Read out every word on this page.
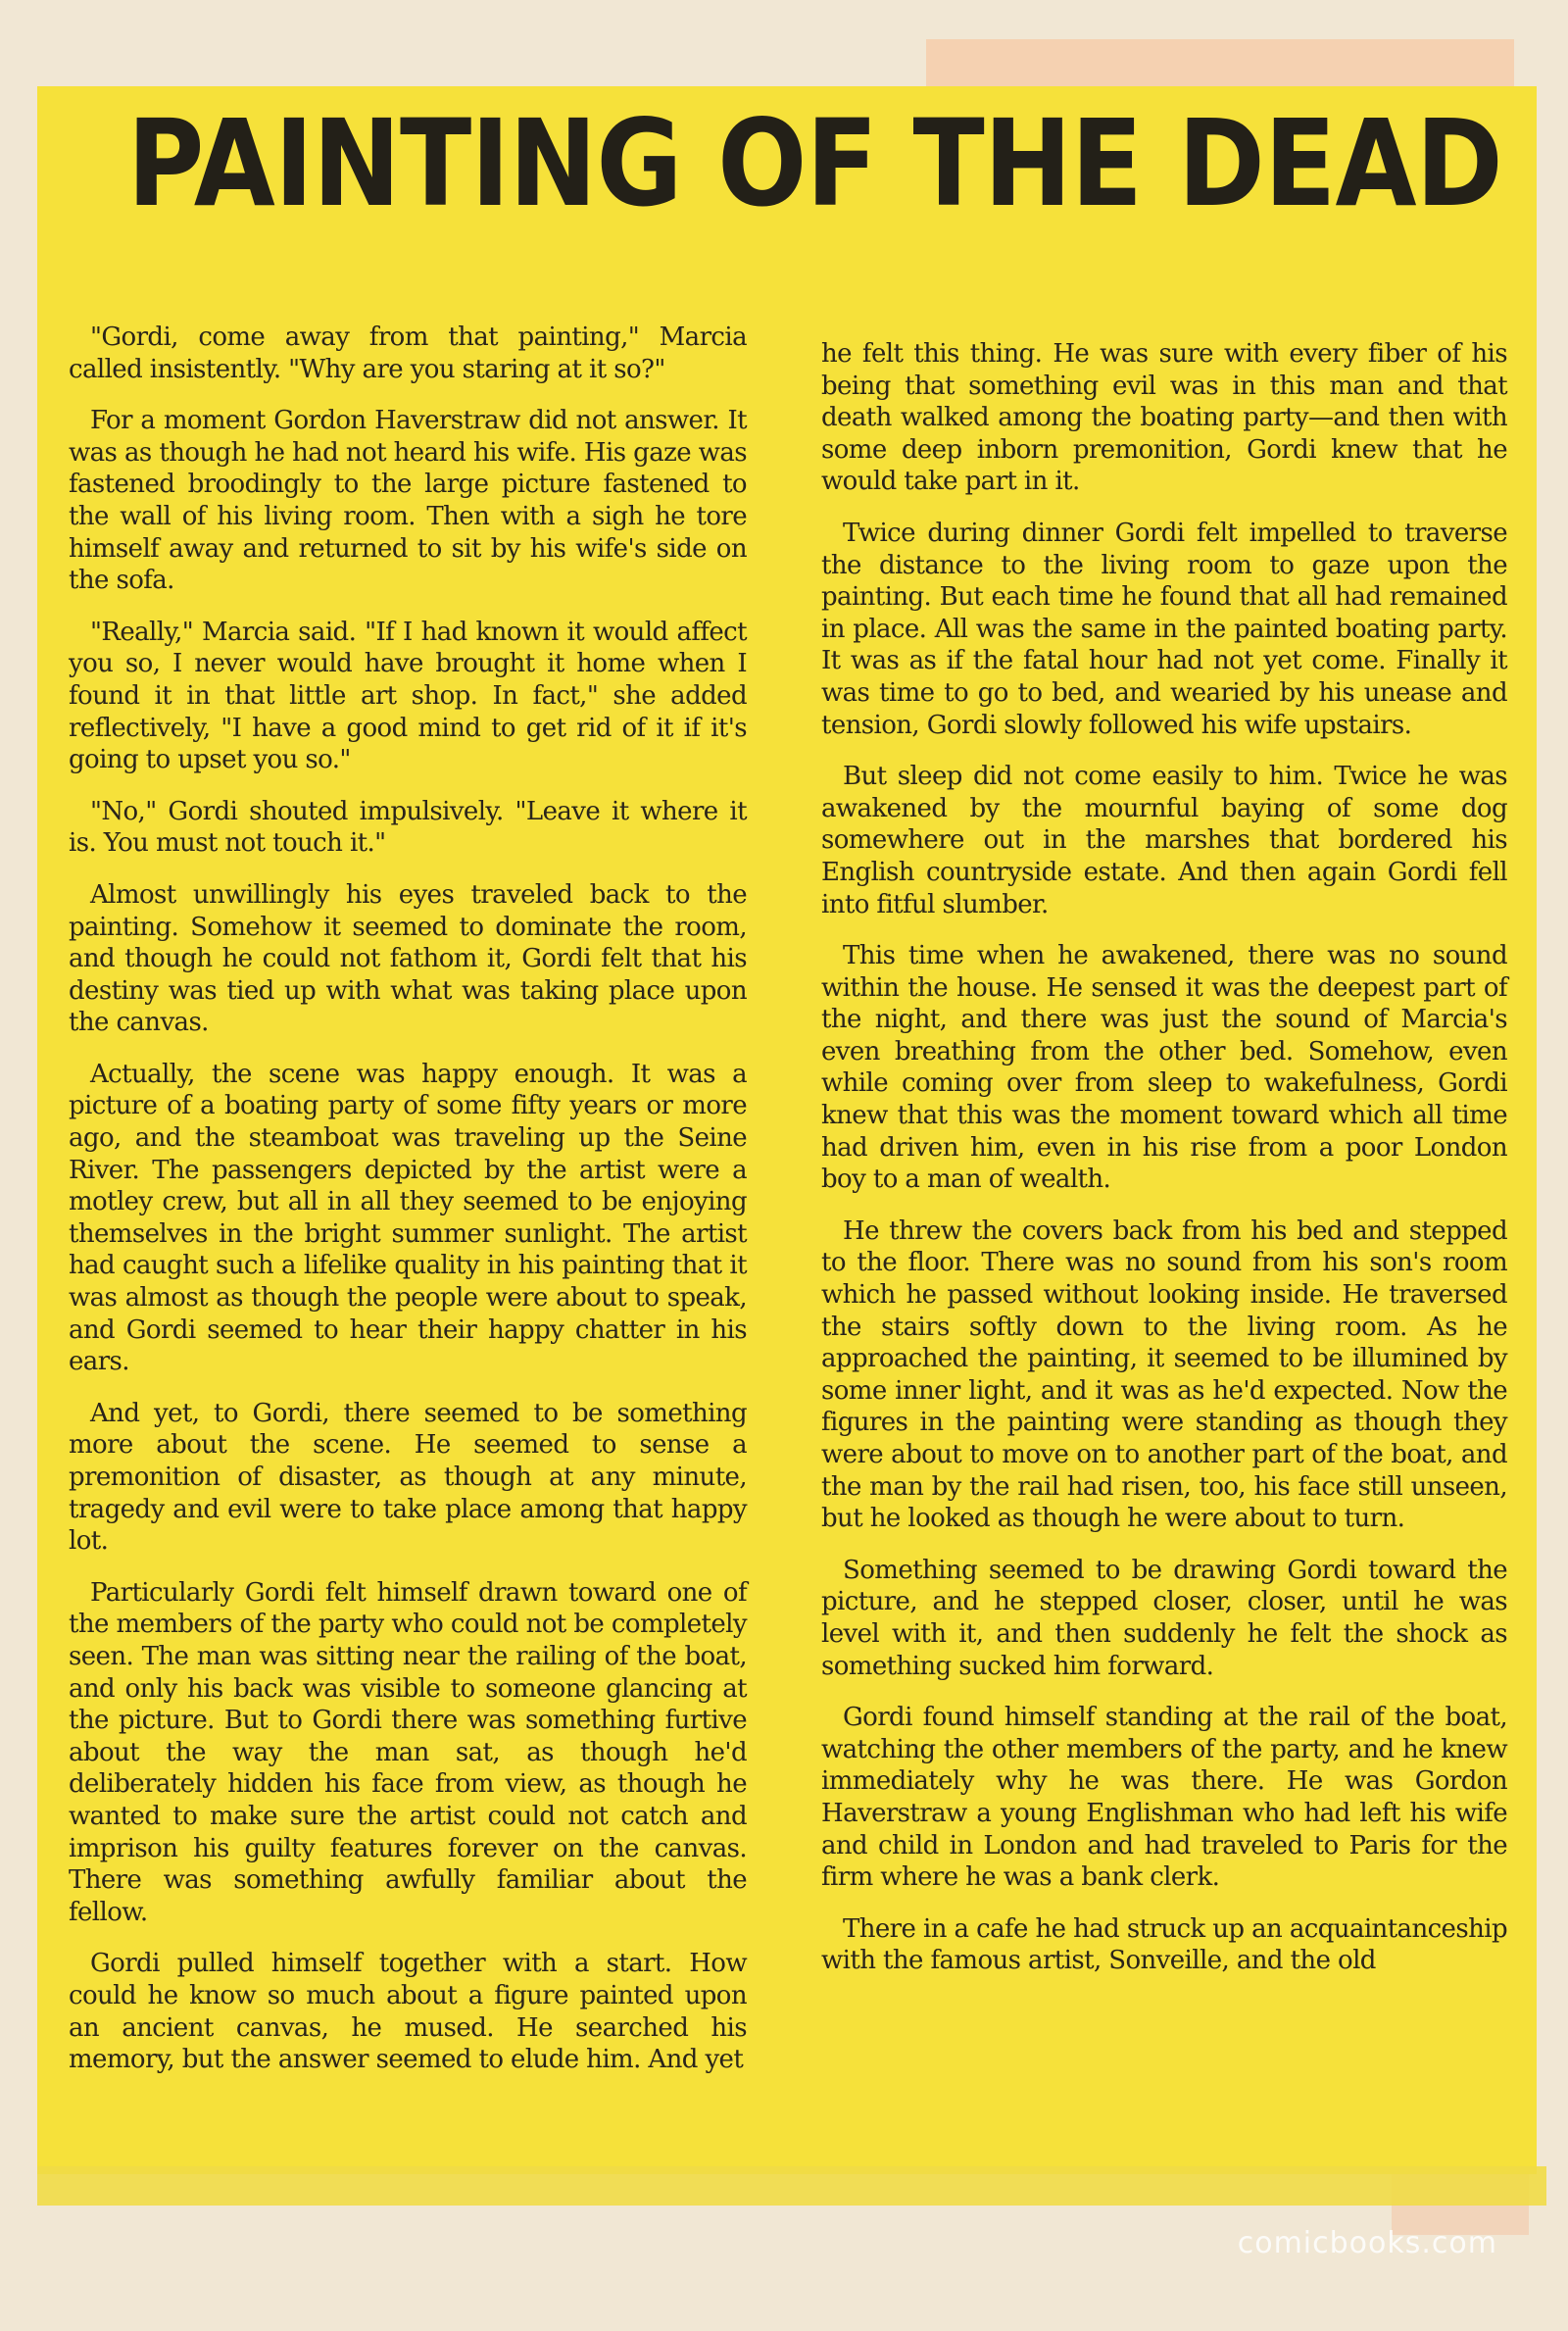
PAINTING OF THE DEAD

"Gordi, come away from that painting," Marcia called insistently. "Why are you staring at it so?"

For a moment Gordon Haverstraw did not answer. It was as though he had not heard his wife. His gaze was fastened broodingly to the large picture fastened to the wall of his living room. Then with a sigh he tore himself away and returned to sit by his wife's side on the sofa.

"Really," Marcia said. "If I had known it would affect you so, I never would have brought it home when I found it in that little art shop. In fact," she added reflectively, "I have a good mind to get rid of it if it's going to upset you so."

"No," Gordi shouted impulsively. "Leave it where it is. You must not touch it."

Almost unwillingly his eyes traveled back to the painting. Somehow it seemed to dominate the room, and though he could not fathom it, Gordi felt that his destiny was tied up with what was taking place upon the canvas.

Actually, the scene was happy enough. It was a picture of a boating party of some fifty years or more ago, and the steamboat was traveling up the Seine River. The passengers depicted by the artist were a motley crew, but all in all they seemed to be enjoying themselves in the bright summer sunlight. The artist had caught such a lifelike quality in his painting that it was almost as though the people were about to speak, and Gordi seemed to hear their happy chatter in his ears.

And yet, to Gordi, there seemed to be something more about the scene. He seemed to sense a premonition of disaster, as though at any minute, tragedy and evil were to take place among that happy lot.

Particularly Gordi felt himself drawn toward one of the members of the party who could not be completely seen. The man was sitting near the railing of the boat, and only his back was visible to someone glancing at the picture. But to Gordi there was something furtive about the way the man sat, as though he'd deliberately hidden his face from view, as though he wanted to make sure the artist could not catch and imprison his guilty features forever on the canvas. There was something awfully familiar about the fellow.

Gordi pulled himself together with a start. How could he know so much about a figure painted upon an ancient canvas, he mused. He searched his memory, but the answer seemed to elude him. And yet

he felt this thing. He was sure with every fiber of his being that something evil was in this man and that death walked among the boating party—and then with some deep inborn premonition, Gordi knew that he would take part in it.

Twice during dinner Gordi felt impelled to traverse the distance to the living room to gaze upon the painting. But each time he found that all had remained in place. All was the same in the painted boating party. It was as if the fatal hour had not yet come. Finally it was time to go to bed, and wearied by his unease and tension, Gordi slowly followed his wife upstairs.

But sleep did not come easily to him. Twice he was awakened by the mournful baying of some dog somewhere out in the marshes that bordered his English countryside estate. And then again Gordi fell into fitful slumber.

This time when he awakened, there was no sound within the house. He sensed it was the deepest part of the night, and there was just the sound of Marcia's even breathing from the other bed. Somehow, even while coming over from sleep to wakefulness, Gordi knew that this was the moment toward which all time had driven him, even in his rise from a poor London boy to a man of wealth.

He threw the covers back from his bed and stepped to the floor. There was no sound from his son's room which he passed without looking inside. He traversed the stairs softly down to the living room. As he approached the painting, it seemed to be illumined by some inner light, and it was as he'd expected. Now the figures in the painting were standing as though they were about to move on to another part of the boat, and the man by the rail had risen, too, his face still unseen, but he looked as though he were about to turn.

Something seemed to be drawing Gordi toward the picture, and he stepped closer, closer, until he was level with it, and then suddenly he felt the shock as something sucked him forward.

Gordi found himself standing at the rail of the boat, watching the other members of the party, and he knew immediately why he was there. He was Gordon Haverstraw a young Englishman who had left his wife and child in London and had traveled to Paris for the firm where he was a bank clerk.

There in a cafe he had struck up an acquaintanceship with the famous artist, Sonveille, and the old

comicbooks.com
